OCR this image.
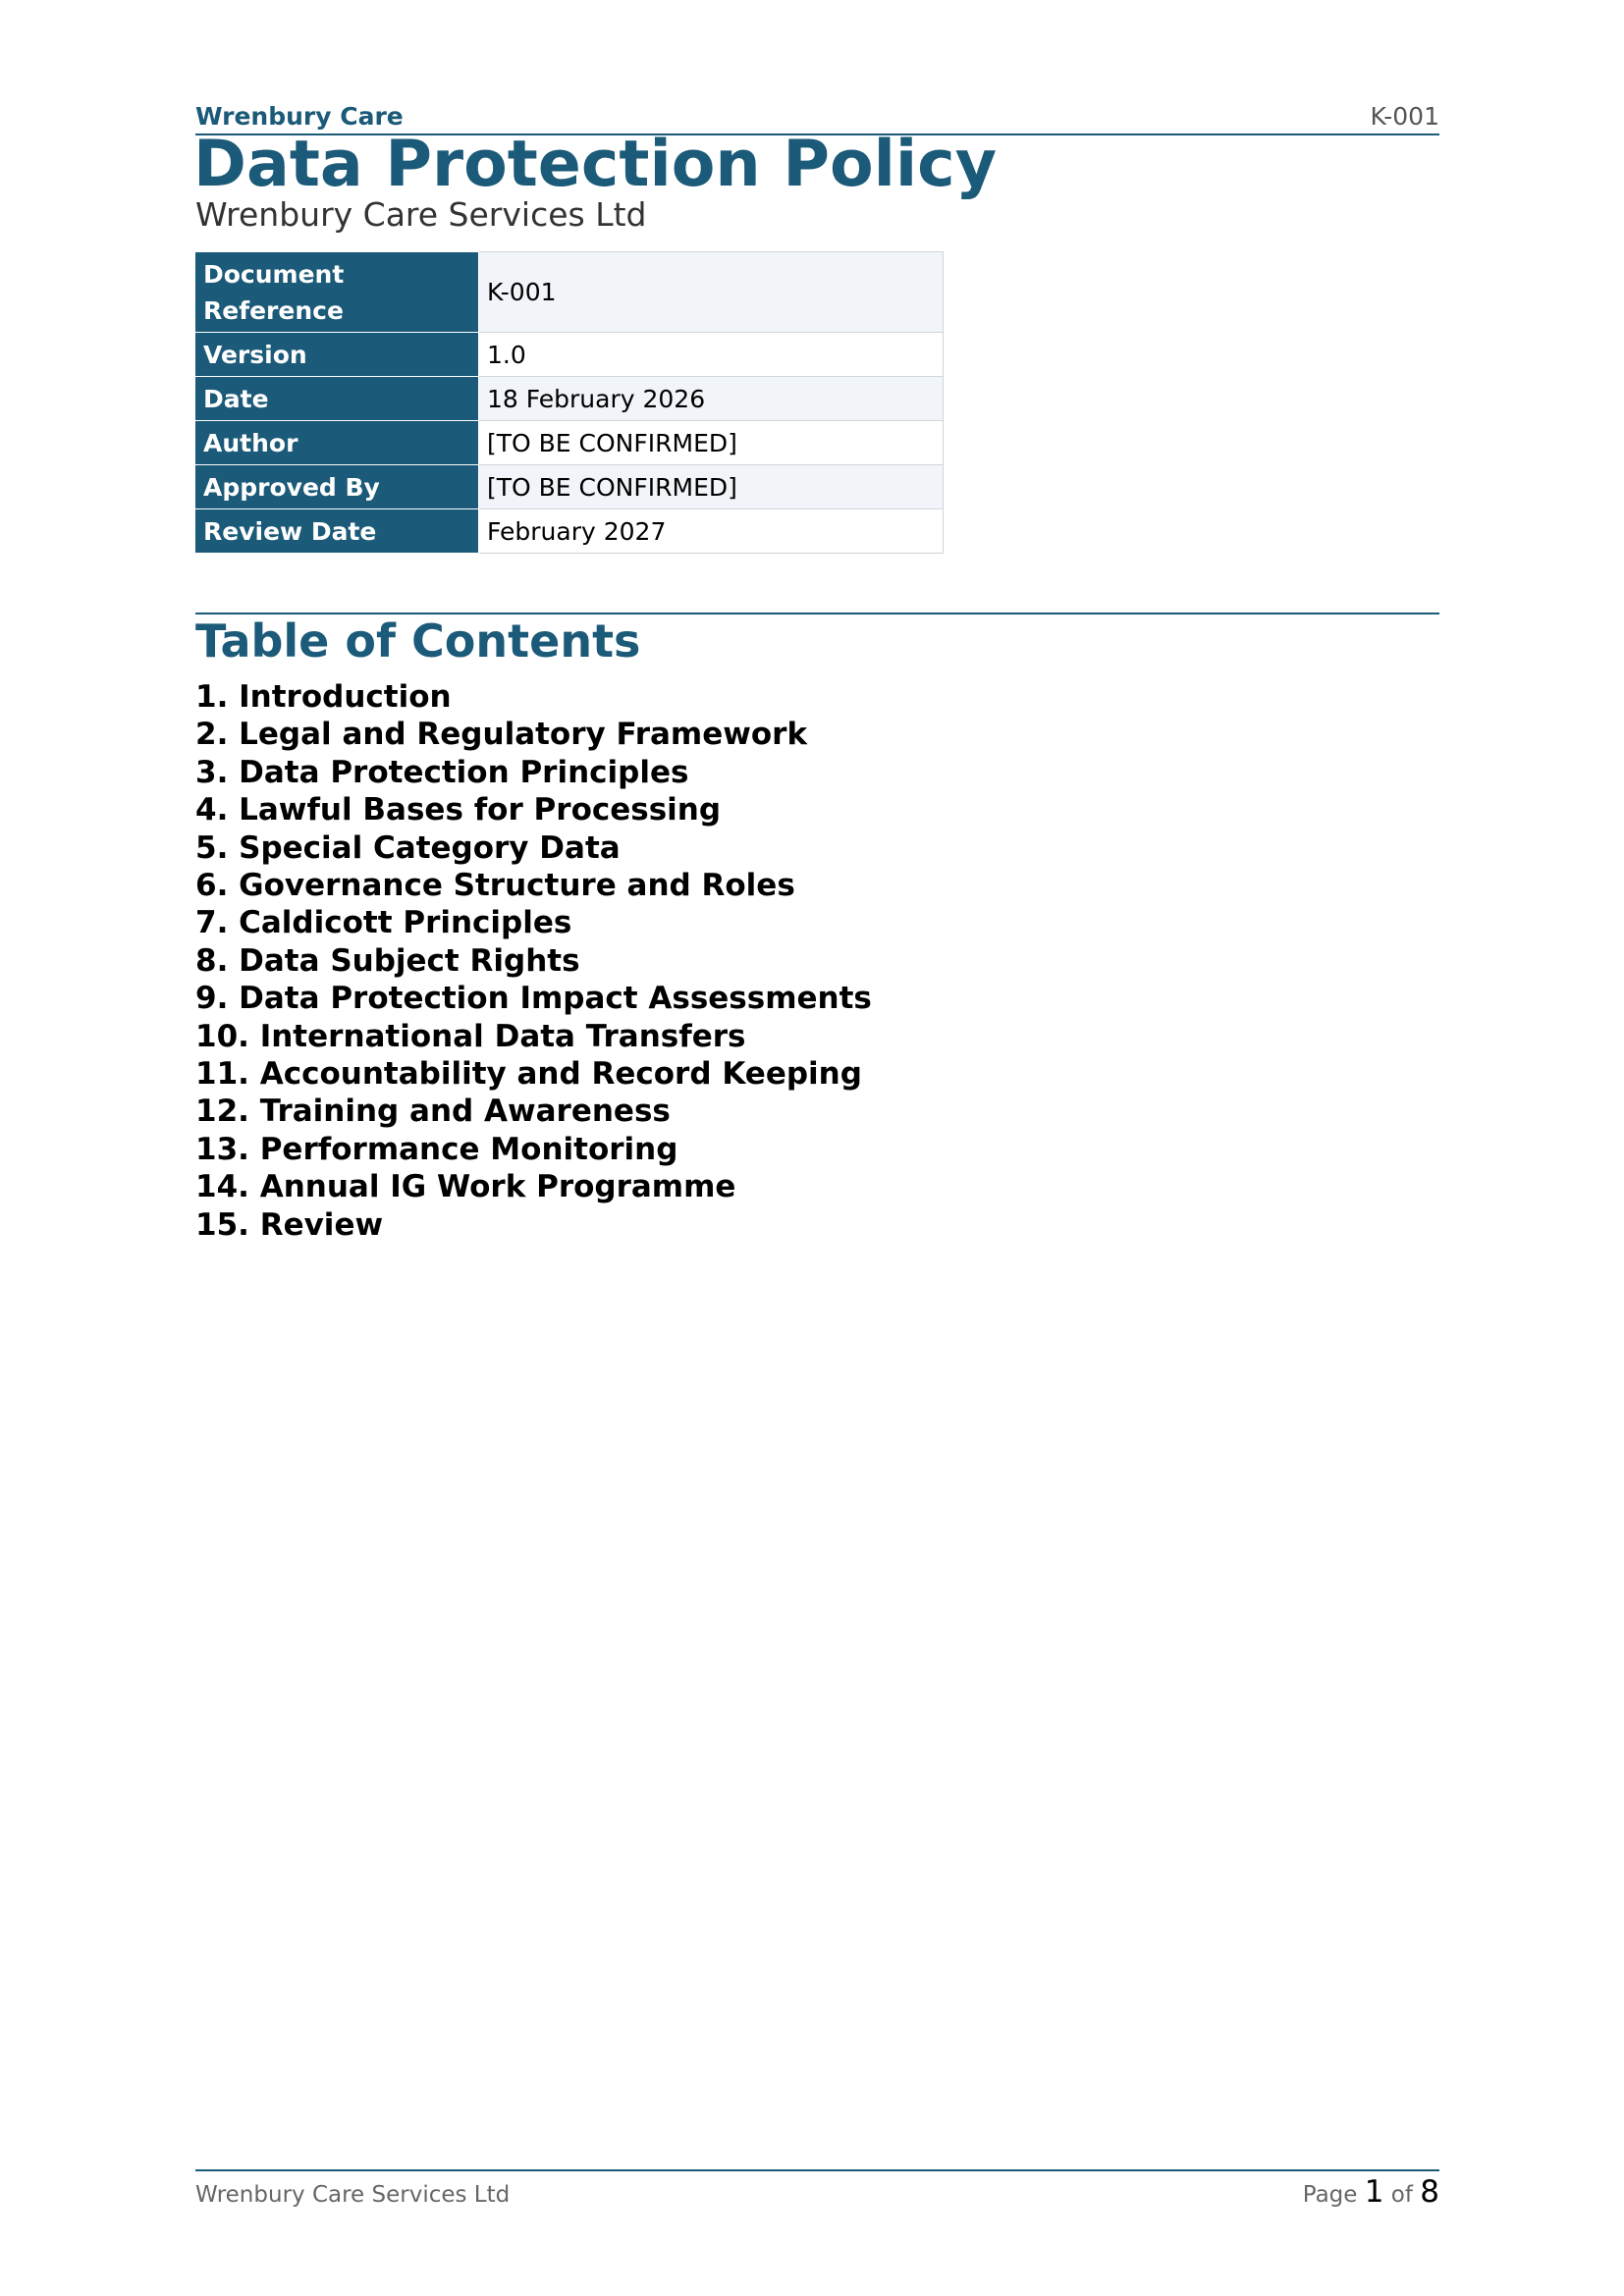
Wrenbury Care	K-001
Data Protection Policy
Wrenbury Care Services Ltd
Document Reference	K-001
Version	1.0
Date	18 February 2026
Author	[TO BE CONFIRMED]
Approved By	[TO BE CONFIRMED]
Review Date	February 2027
Table of Contents
1. Introduction
2. Legal and Regulatory Framework
3. Data Protection Principles
4. Lawful Bases for Processing
5. Special Category Data
6. Governance Structure and Roles
7. Caldicott Principles
8. Data Subject Rights
9. Data Protection Impact Assessments
10. International Data Transfers
11. Accountability and Record Keeping
12. Training and Awareness
13. Performance Monitoring
14. Annual IG Work Programme
15. Review
Wrenbury Care Services Ltd	Page 1 of 8
